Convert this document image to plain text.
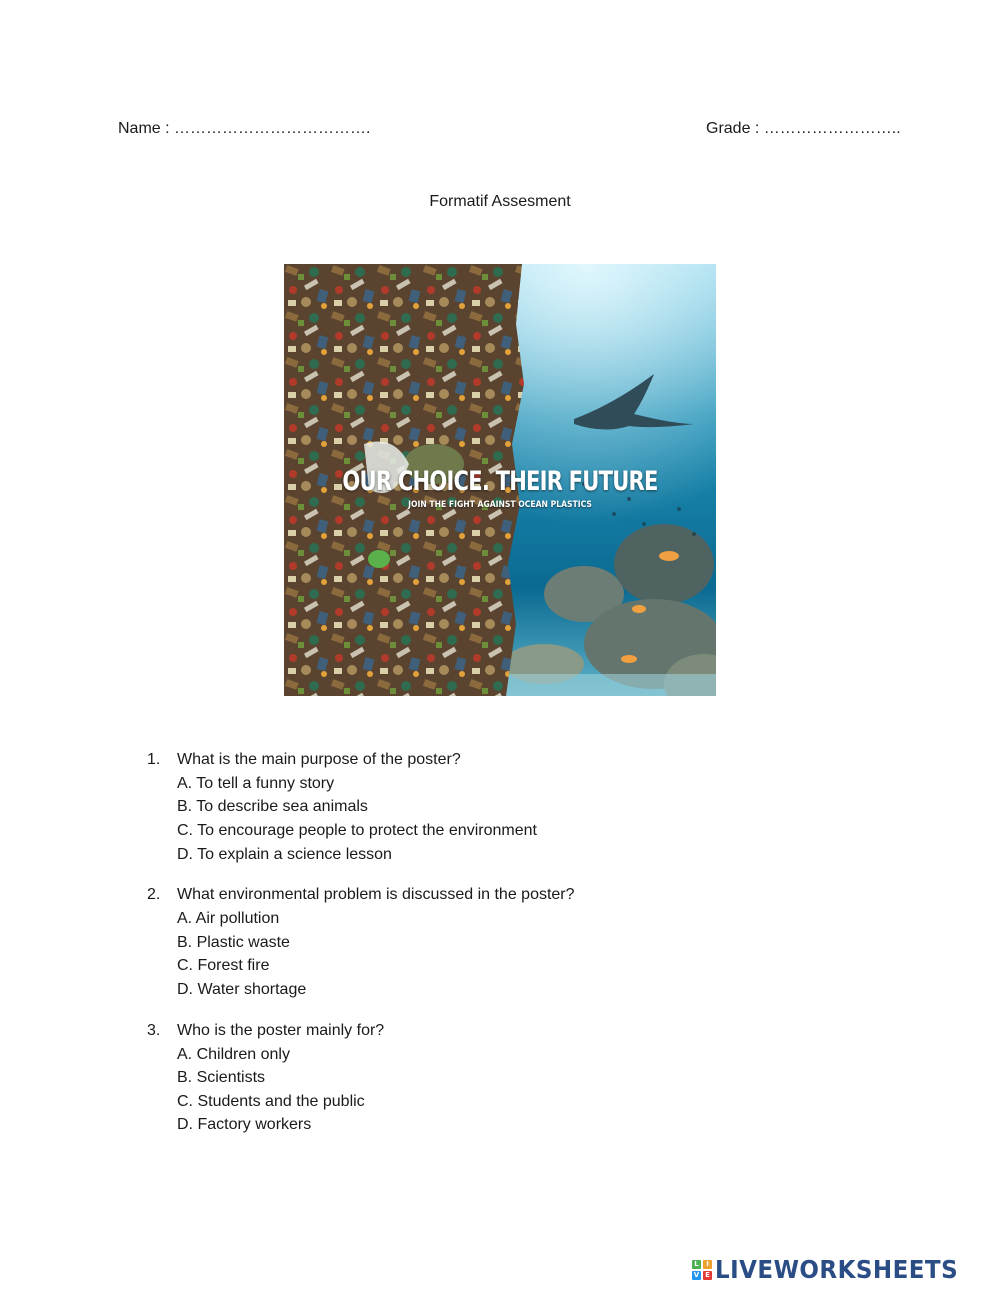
Name : ……………………………….	Grade : ……………………..
Formatif Assesment
OUR CHOICE. THEIR FUTURE
JOIN THE FIGHT AGAINST OCEAN PLASTICS
1.	What is the main purpose of the poster?
A. To tell a funny story
B. To describe sea animals
C. To encourage people to protect the environment
D. To explain a science lesson
2.	What environmental problem is discussed in the poster?
A. Air pollution
B. Plastic waste
C. Forest fire
D. Water shortage
3.	Who is the poster mainly for?
A. Children only
B. Scientists
C. Students and the public
D. Factory workers
L	I
V E LIVEWORKSHEETS
